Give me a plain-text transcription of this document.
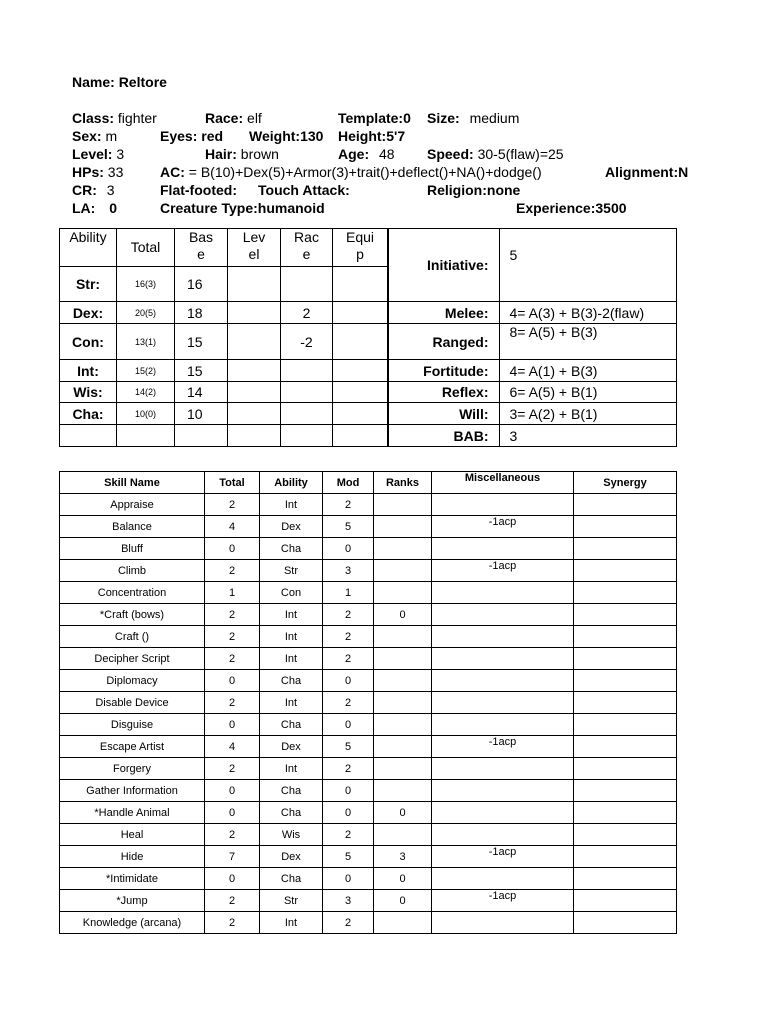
Name: Reltore
Class: fighter	Race: elf	Template:0 Size: medium
Sex: m	Eyes: red Weight:130 Height:5'7
Level: 3	Hair: brown	Age: 48 Speed: 30-5(flaw)=25
HPs: 33	AC: = B(10)+Dex(5)+Armor(3)+trait()+deflect()+NA()+dodge()	Alignment:N
CR: 3	Flat-footed: Touch Attack:	Religion:none
LA: 0	Creature Type:humanoid	Experience:3500
Ability	Total	Base	Level	Race	Equip	Initiative:	5
Str:	16(3)	16					
Dex:	20(5)	18		2		Melee:	4= A(3) + B(3)-2(flaw)

Con:	13(1)	15		-2		Ranged:	8= A(5) + B(3)
Int:	15(2)	15				Fortitude:	4= A(1) + B(3)
Wis:	14(2)	14				Reflex:	6= A(5) + B(1)
Cha:	10(0)	10				Will:	3= A(2) + B(1)
						BAB:	3
Skill Name	Total	Ability	Mod	Ranks	Miscellaneous	Synergy
Appraise	2	Int	2			
Balance	4	Dex	5		-1acp	
Bluff	0	Cha	0			
Climb	2	Str	3		-1acp	
Concentration	1	Con	1			
*Craft (bows)	2	Int	2	0		
Craft ()	2	Int	2			
Decipher Script	2	Int	2			
Diplomacy	0	Cha	0			
Disable Device	2	Int	2			
Disguise	0	Cha	0			
Escape Artist	4	Dex	5		-1acp	
Forgery	2	Int	2			
Gather Information	0	Cha	0			
*Handle Animal	0	Cha	0	0		
Heal	2	Wis	2			
Hide	7	Dex	5	3	-1acp	
*Intimidate	0	Cha	0	0		
*Jump	2	Str	3	0	-1acp	
Knowledge (arcana)	2	Int	2			
